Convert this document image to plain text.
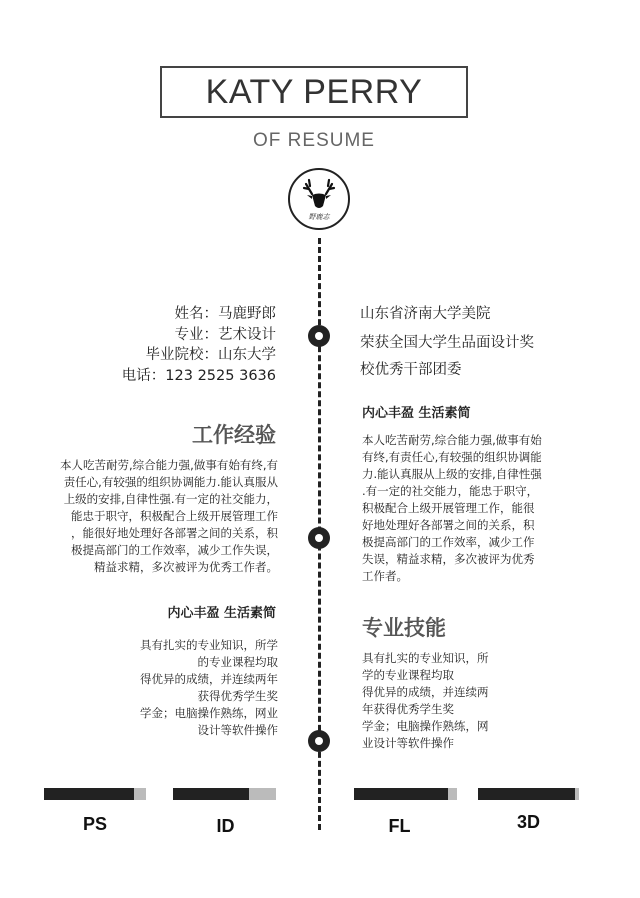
KATY PERRY
OF RESUME
野鹿志
姓名：马鹿野郎
专业：艺术设计
毕业院校：山东大学
电话：123 2525 3636
山东省济南大学美院
荣获全国大学生品面设计奖
校优秀干部团委
内心丰盈 生活素简
本人吃苦耐劳,综合能力强,做事有始
有终,有责任心,有较强的组织协调能
力.能认真服从上级的安排,自律性强
.有一定的社交能力，能忠于职守，
积极配合上级开展管理工作，能很
好地处理好各部署之间的关系，积
极提高部门的工作效率，减少工作
失误，精益求精，多次被评为优秀
工作者。
工作经验
本人吃苦耐劳,综合能力强,做事有始有终,有
责任心,有较强的组织协调能力.能认真服从
上级的安排,自律性强.有一定的社交能力，
能忠于职守，积极配合上级开展管理工作
，能很好地处理好各部署之间的关系，积
极提高部门的工作效率，减少工作失误，
精益求精，多次被评为优秀工作者。
内心丰盈 生活素简
具有扎实的专业知识，所学
的专业课程均取
得优异的成绩，并连续两年
获得优秀学生奖
学金；电脑操作熟练，网业
设计等软件操作
专业技能
具有扎实的专业知识，所
学的专业课程均取
得优异的成绩，并连续两
年获得优秀学生奖
学金；电脑操作熟练，网
业设计等软件操作
PS	ID	FL	3D
